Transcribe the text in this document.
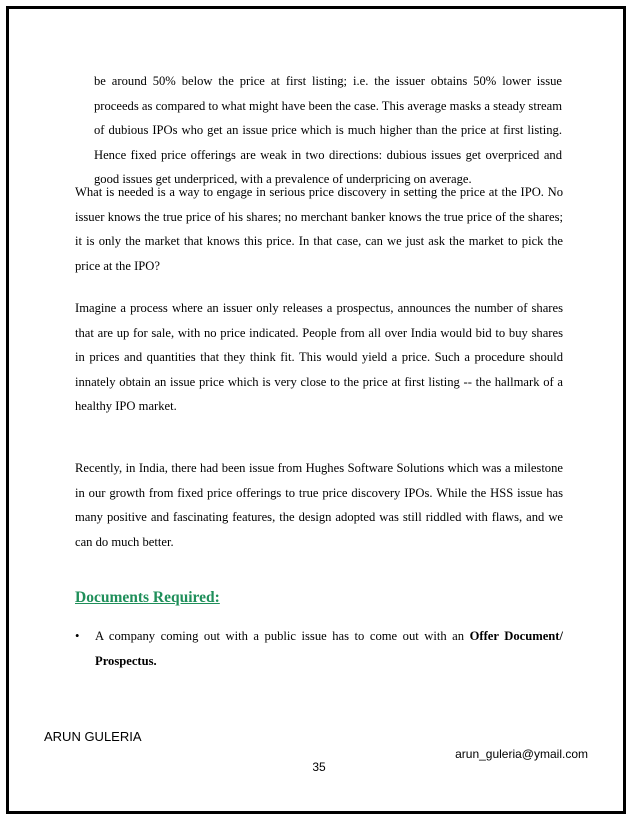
be around 50% below the price at first listing; i.e. the issuer obtains 50% lower issue proceeds as compared to what might have been the case. This average masks a steady stream of dubious IPOs who get an issue price which is much higher than the price at first listing. Hence fixed price offerings are weak in two directions: dubious issues get overpriced and good issues get underpriced, with a prevalence of underpricing on average.

What is needed is a way to engage in serious price discovery in setting the price at the IPO. No issuer knows the true price of his shares; no merchant banker knows the true price of the shares; it is only the market that knows this price. In that case, can we just ask the market to pick the price at the IPO?

Imagine a process where an issuer only releases a prospectus, announces the number of shares that are up for sale, with no price indicated. People from all over India would bid to buy shares in prices and quantities that they think fit. This would yield a price. Such a procedure should innately obtain an issue price which is very close to the price at first listing -- the hallmark of a healthy IPO market.

Recently, in India, there had been issue from Hughes Software Solutions which was a milestone in our growth from fixed price offerings to true price discovery IPOs. While the HSS issue has many positive and fascinating features, the design adopted was still riddled with flaws, and we can do much better.

Documents Required:
• A company coming out with a public issue has to come out with an Offer Document/ Prospectus.

ARUN GULERIA

arun_guleria@ymail.com

35
